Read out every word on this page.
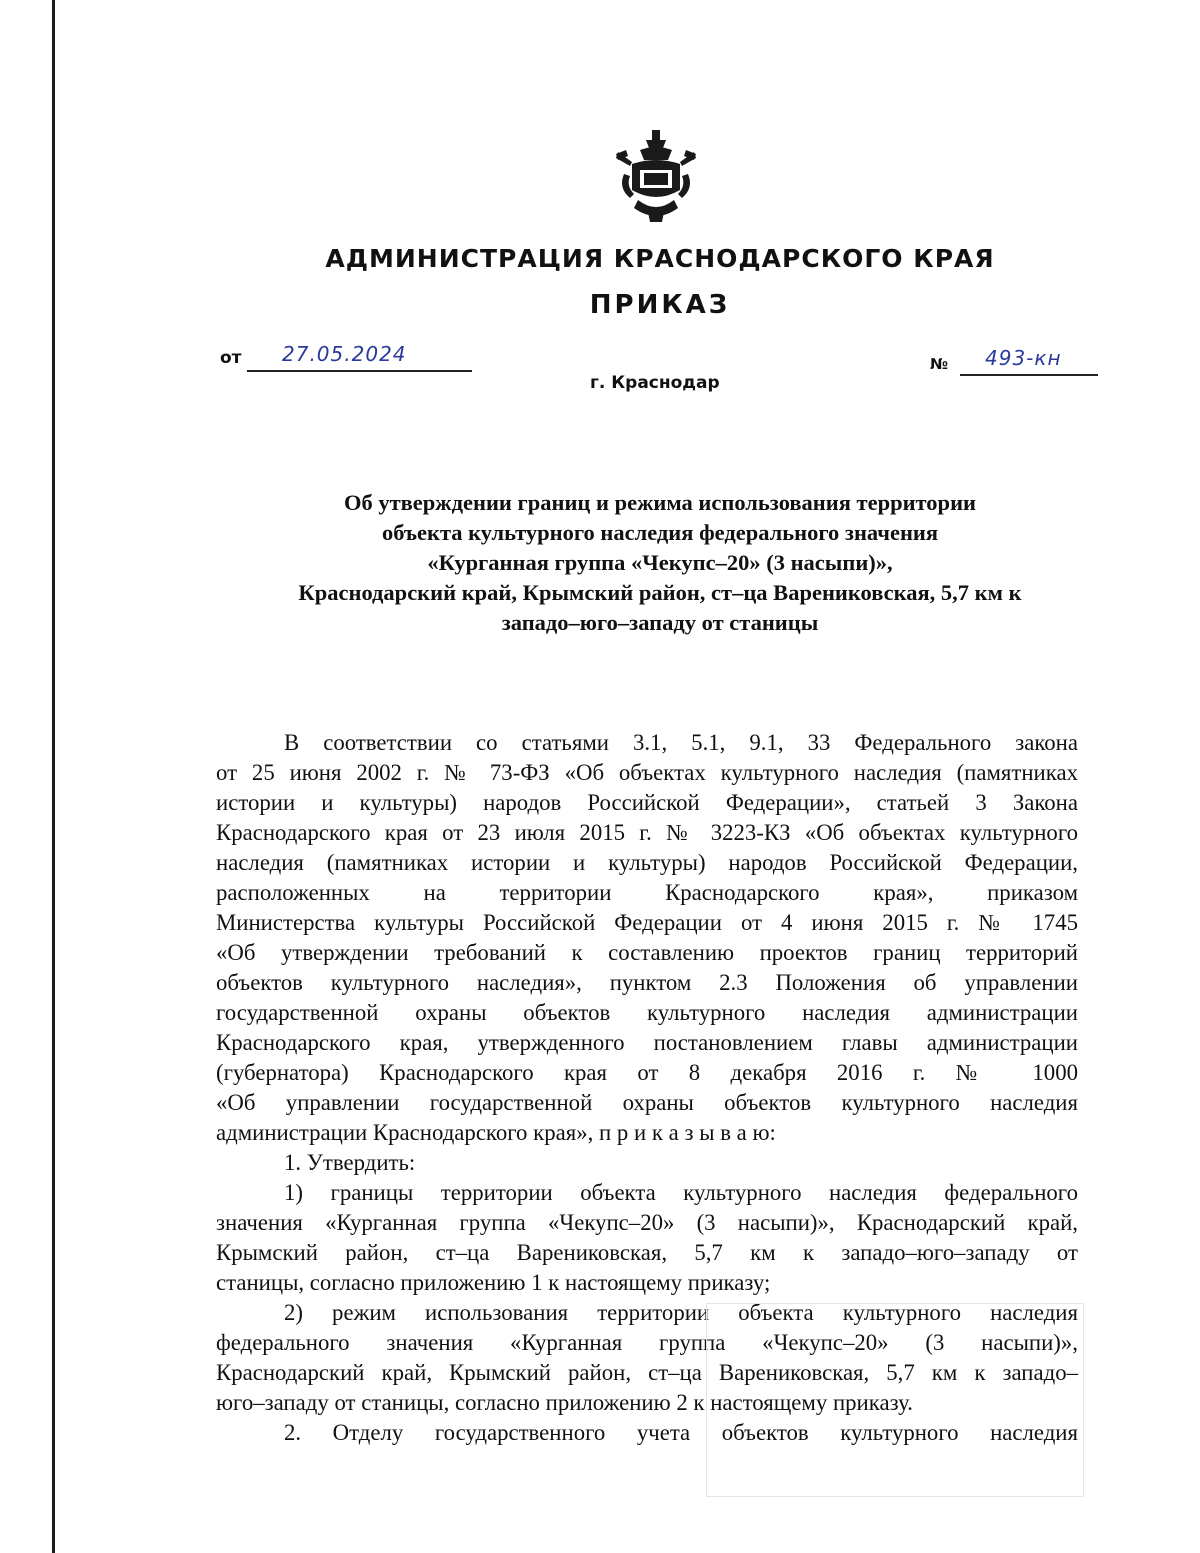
АДМИНИСТРАЦИЯ КРАСНОДАРСКОГО КРАЯ
ПРИКАЗ
от 27.05.2024
г. Краснодар
№ 493-кн
Об утверждении границ и режима использования территории
объекта культурного наследия федерального значения
«Курганная группа «Чекупс–20» (3 насыпи)»,
Краснодарский край, Крымский район, ст–ца Варениковская, 5,7 км к
западо–юго–западу от станицы
В соответствии со статьями 3.1, 5.1, 9.1, 33 Федерального закона
от 25 июня 2002 г. № 73-ФЗ «Об объектах культурного наследия (памятниках
истории и культуры) народов Российской Федерации», статьей 3 Закона
Краснодарского края от 23 июля 2015 г. № 3223-КЗ «Об объектах культурного
наследия (памятниках истории и культуры) народов Российской Федерации,
расположенных на территории Краснодарского края», приказом
Министерства культуры Российской Федерации от 4 июня 2015 г. № 1745
«Об утверждении требований к составлению проектов границ территорий
объектов культурного наследия», пунктом 2.3 Положения об управлении
государственной охраны объектов культурного наследия администрации
Краснодарского края, утвержденного постановлением главы администрации
(губернатора) Краснодарского края от 8 декабря 2016 г. № 1000
«Об управлении государственной охраны объектов культурного наследия
администрации Краснодарского края», п р и к а з ы в а ю:
1. Утвердить:
1) границы территории объекта культурного наследия федерального
значения «Курганная группа «Чекупс–20» (3 насыпи)», Краснодарский край,
Крымский район, ст–ца Варениковская, 5,7 км к западо–юго–западу от
станицы, согласно приложению 1 к настоящему приказу;
2) режим использования территории объекта культурного наследия
федерального значения «Курганная группа «Чекупс–20» (3 насыпи)»,
Краснодарский край, Крымский район, ст–ца Варениковская, 5,7 км к западо–
юго–западу от станицы, согласно приложению 2 к настоящему приказу.
2. Отделу государственного учета объектов культурного наследия
